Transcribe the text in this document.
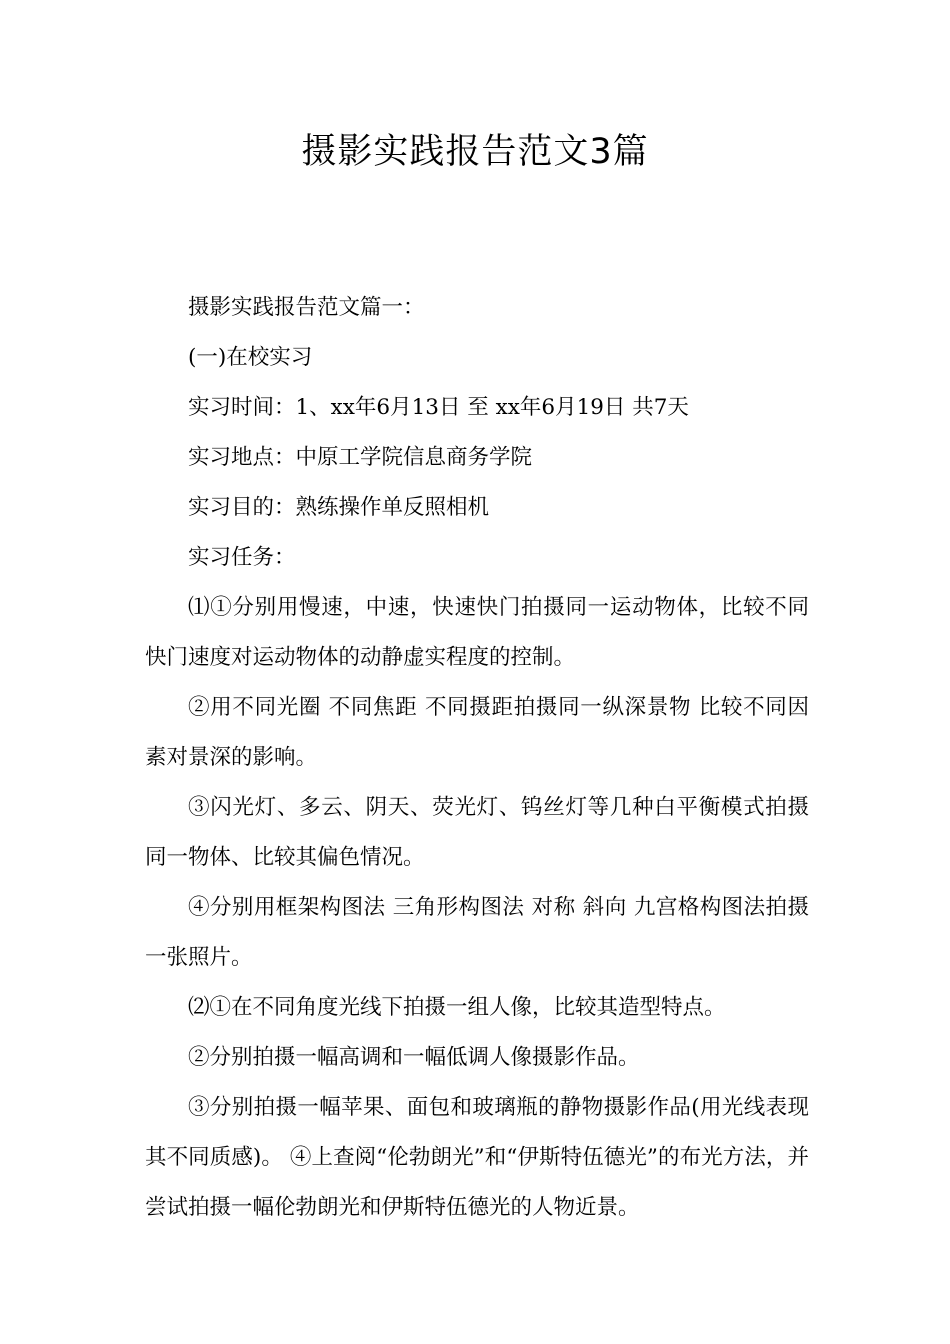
摄影实践报告范文3篇

摄影实践报告范文篇一：

(一)在校实习

实习时间：1、xx年6月13日 至 xx年6月19日 共7天

实习地点：中原工学院信息商务学院

实习目的：熟练操作单反照相机

实习任务：

⑴①分别用慢速，中速，快速快门拍摄同一运动物体，比较不同快门速度对运动物体的动静虚实程度的控制。

②用不同光圈 不同焦距 不同摄距拍摄同一纵深景物 比较不同因素对景深的影响。

③闪光灯、多云、阴天、荧光灯、钨丝灯等几种白平衡模式拍摄同一物体、比较其偏色情况。

④分别用框架构图法 三角形构图法 对称 斜向 九宫格构图法拍摄一张照片。

⑵①在不同角度光线下拍摄一组人像，比较其造型特点。

②分别拍摄一幅高调和一幅低调人像摄影作品。

③分别拍摄一幅苹果、面包和玻璃瓶的静物摄影作品(用光线表现其不同质感)。 ④上查阅“伦勃朗光”和“伊斯特伍德光”的布光方法，并尝试拍摄一幅伦勃朗光和伊斯特伍德光的人物近景。
